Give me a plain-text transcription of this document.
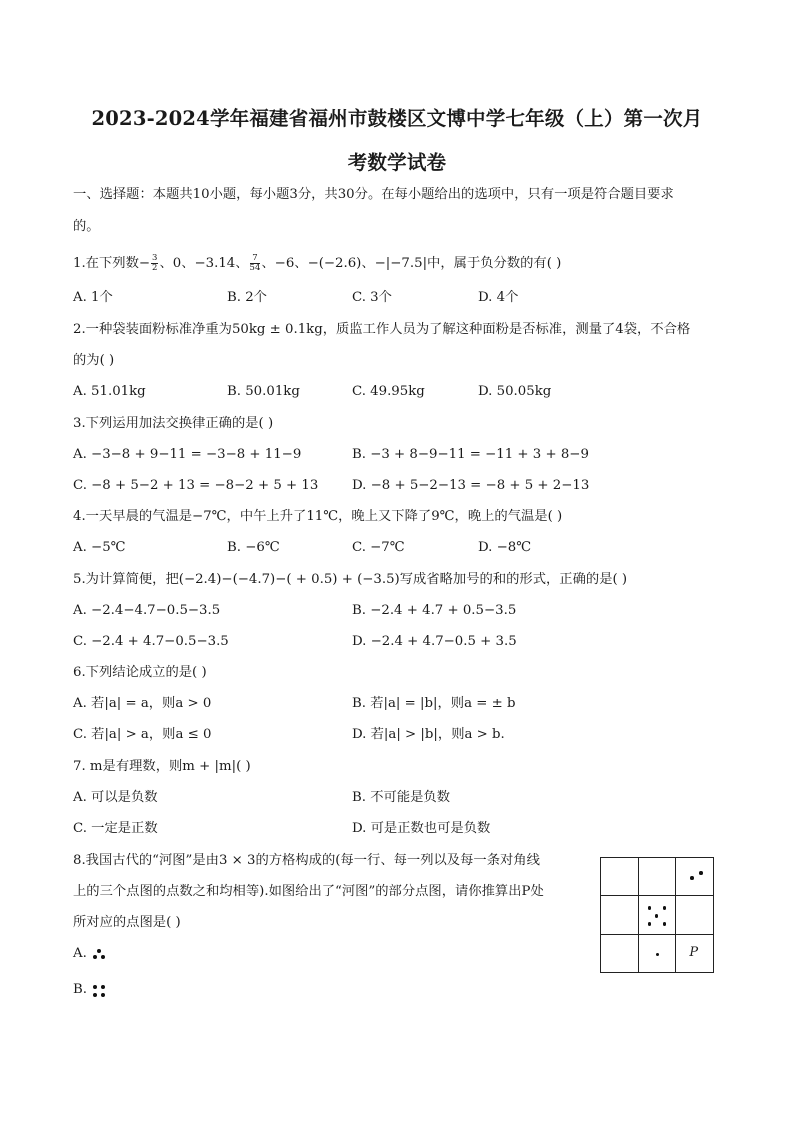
2023-2024学年福建省福州市鼓楼区文博中学七年级（上）第一次月
考数学试卷
一、选择题：本题共10小题，每小题3分，共30分。在每小题给出的选项中，只有一项是符合题目要求
的。
1.在下列数− $\frac{3}{2}$ 、0、−3.14、 $\frac{7}{54}$ 、−6、−(−2.6)、−|−7.5|中，属于负分数的有( )
A. 1个	B. 2个	C. 3个	D. 4个
2.一种袋装面粉标准净重为50kg ± 0.1kg，质监工作人员为了解这种面粉是否标准，测量了4袋，不合格
的为( )
A. 51.01kg	B. 50.01kg	C. 49.95kg	D. 50.05kg
3.下列运用加法交换律正确的是( )
A. −3−8 + 9−11 = −3−8 + 11−9	B. −3 + 8−9−11 = −11 + 3 + 8−9
C. −8 + 5−2 + 13 = −8−2 + 5 + 13	D. −8 + 5−2−13 = −8 + 5 + 2−13
4.一天早晨的气温是−7℃，中午上升了11℃，晚上又下降了9℃，晚上的气温是( )
A. −5℃	B. −6℃	C. −7℃	D. −8℃
5.为计算简便，把(−2.4)−(−4.7)−( + 0.5) + (−3.5)写成省略加号的和的形式，正确的是( )
A. −2.4−4.7−0.5−3.5	B. −2.4 + 4.7 + 0.5−3.5
C. −2.4 + 4.7−0.5−3.5	D. −2.4 + 4.7−0.5 + 3.5
6.下列结论成立的是( )
A. 若|a| = a，则a > 0	B. 若|a| = |b|，则a = ± b
C. 若|a| > a，则a ≤ 0	D. 若|a| > |b|，则a > b.
7. m是有理数，则m + |m|( )
A. 可以是负数	B. 不可能是负数
C. 一定是正数	D. 可是正数也可是负数
8.我国古代的“河图”是由3 × 3的方格构成的(每一行、每一列以及每一条对角线
上的三个点图的点数之和均相等).如图给出了“河图”的部分点图，请你推算出P处
所对应的点图是( )
A.
B.

		P
